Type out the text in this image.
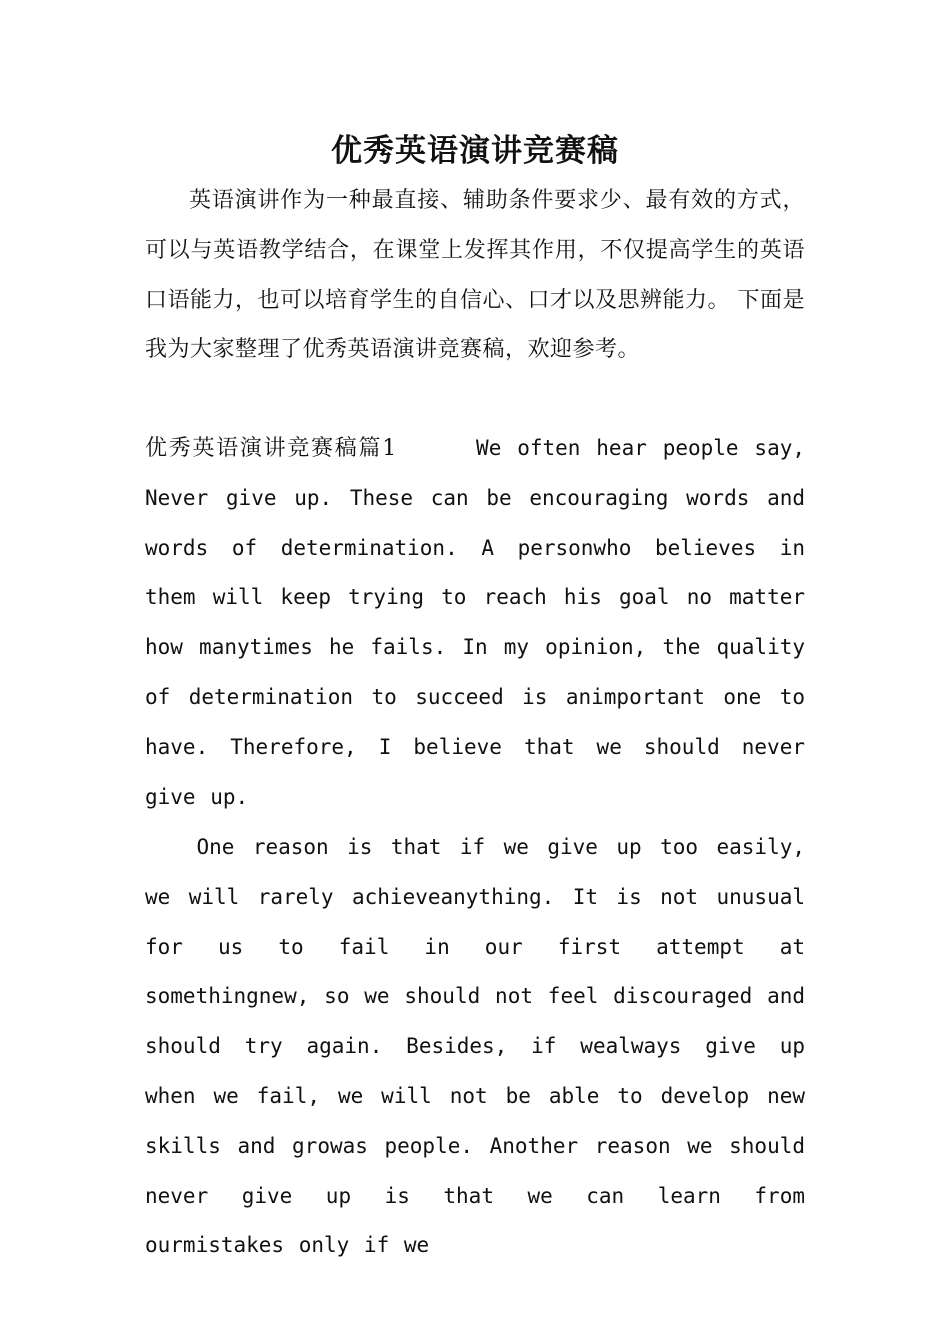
优秀英语演讲竞赛稿

英语演讲作为一种最直接、辅助条件要求少、最有效的方式，可以与英语教学结合，在课堂上发挥其作用，不仅提高学生的英语口语能力，也可以培育学生的自信心、口才以及思辨能力。 下面是我为大家整理了优秀英语演讲竞赛稿，欢迎参考。

优秀英语演讲竞赛稿篇1	We often hear people say, Never give up. These can be encouraging words and words of determination. A personwho believes in them will keep trying to reach his goal no matter how manytimes he fails. In my opinion, the quality of determination to succeed is animportant one to have. Therefore, I believe that we should never give up.

One reason is that if we give up too easily, we will rarely achieveanything. It is not unusual for us to fail in our first attempt at somethingnew, so we should not feel discouraged and should try again. Besides, if wealways give up when we fail, we will not be able to develop new skills and growas people. Another reason we should never give up is that we can learn from ourmistakes only if we
